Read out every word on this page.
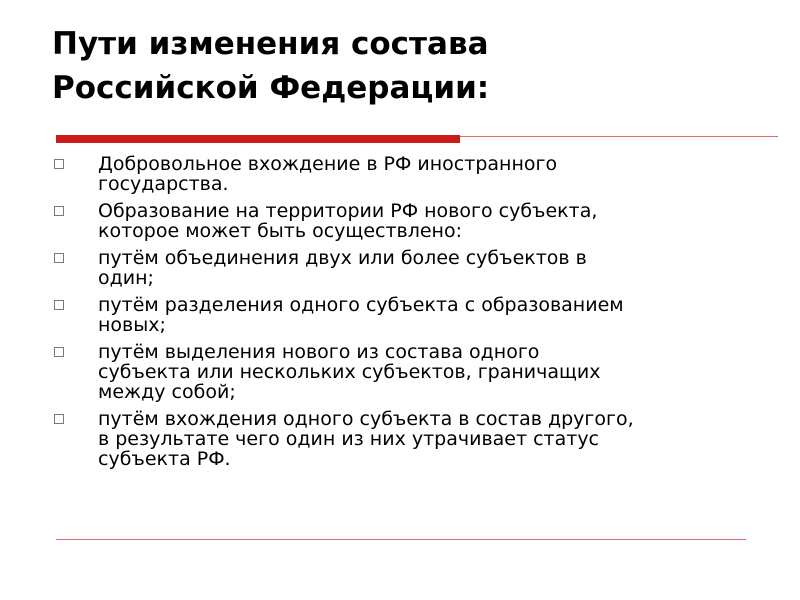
Пути изменения состава
Российской Федерации:
Добровольное вхождение в РФ иностранного
государства.
Образование на территории РФ нового субъекта,
которое может быть осуществлено:
путём объединения двух или более субъектов в
один;
путём разделения одного субъекта с образованием
новых;
путём выделения нового из состава одного
субъекта или нескольких субъектов, граничащих
между собой;
путём вхождения одного субъекта в состав другого,
в результате чего один из них утрачивает статус
субъекта РФ.
